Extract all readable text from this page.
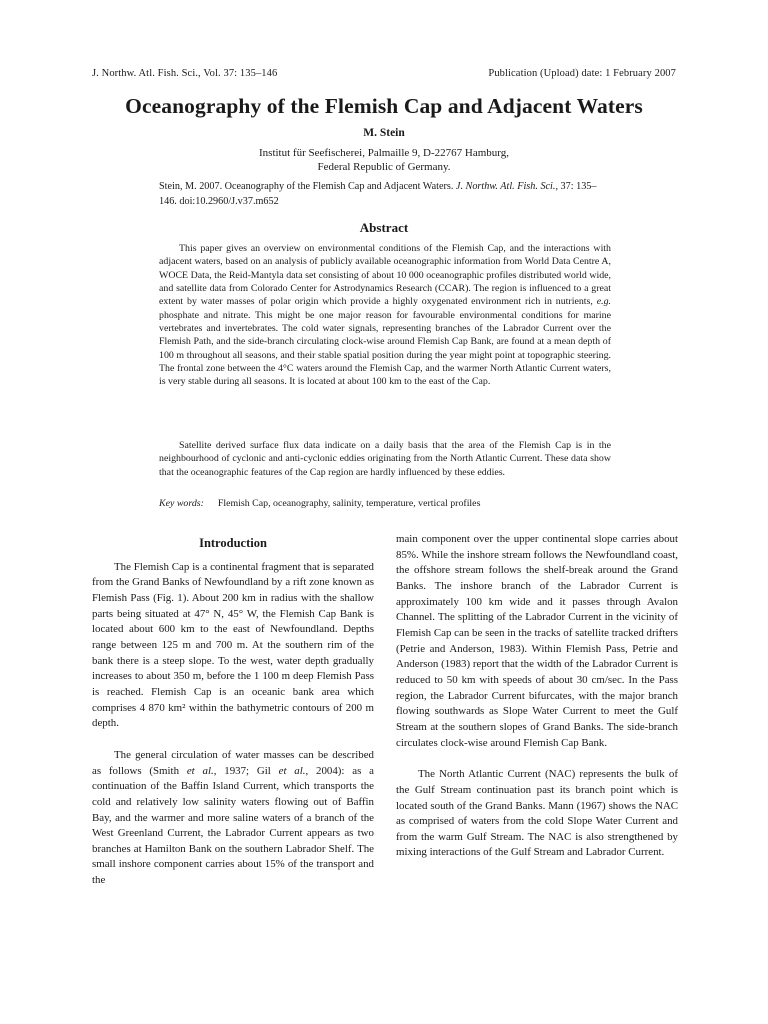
J. Northw. Atl. Fish. Sci., Vol. 37: 135–146	Publication (Upload) date: 1 February 2007
Oceanography of the Flemish Cap and Adjacent Waters
M. Stein
Institut für Seefischerei, Palmaille 9, D-22767 Hamburg,
Federal Republic of Germany.
Stein, M. 2007. Oceanography of the Flemish Cap and Adjacent Waters. J. Northw. Atl. Fish. Sci., 37: 135–146. doi:10.2960/J.v37.m652
Abstract
This paper gives an overview on environmental conditions of the Flemish Cap, and the interactions with adjacent waters, based on an analysis of publicly available oceanographic information from World Data Centre A, WOCE Data, the Reid-Mantyla data set consisting of about 10 000 oceanographic profiles distributed world wide, and satellite data from Colorado Center for Astrodynamics Research (CCAR). The region is influenced to a great extent by water masses of polar origin which provide a highly oxygenated environment rich in nutrients, e.g. phosphate and nitrate. This might be one major reason for favourable environmental conditions for marine vertebrates and invertebrates. The cold water signals, representing branches of the Labrador Current over the Flemish Path, and the side-branch circulating clock-wise around Flemish Cap Bank, are found at a mean depth of 100 m throughout all seasons, and their stable spatial position during the year might point at topographic steering. The frontal zone between the 4°C waters around the Flemish Cap, and the warmer North Atlantic Current waters, is very stable during all seasons. It is located at about 100 km to the east of the Cap.
Satellite derived surface flux data indicate on a daily basis that the area of the Flemish Cap is in the neighbourhood of cyclonic and anti-cyclonic eddies originating from the North Atlantic Current. These data show that the oceanographic features of the Cap region are hardly influenced by these eddies.
Key words: Flemish Cap, oceanography, salinity, temperature, vertical profiles
Introduction

The Flemish Cap is a continental fragment that is separated from the Grand Banks of Newfoundland by a rift zone known as Flemish Pass (Fig. 1). About 200 km in radius with the shallow parts being situated at 47° N, 45° W, the Flemish Cap Bank is located about 600 km to the east of Newfoundland. Depths range between 125 m and 700 m. At the southern rim of the bank there is a steep slope. To the west, water depth gradually increases to about 350 m, before the 1 100 m deep Flemish Pass is reached. Flemish Cap is an oceanic bank area which comprises 4 870 km² within the bathymetric contours of 200 m depth.

The general circulation of water masses can be described as follows (Smith et al., 1937; Gil et al., 2004): as a continuation of the Baffin Island Current, which transports the cold and relatively low salinity waters flowing out of Baffin Bay, and the warmer and more saline waters of a branch of the West Greenland Current, the Labrador Current appears as two branches at Hamilton Bank on the southern Labrador Shelf. The small inshore component carries about 15% of the transport and the

main component over the upper continental slope carries about 85%. While the inshore stream follows the Newfoundland coast, the offshore stream follows the shelf-break around the Grand Banks. The inshore branch of the Labrador Current is approximately 100 km wide and it passes through Avalon Channel. The splitting of the Labrador Current in the vicinity of Flemish Cap can be seen in the tracks of satellite tracked drifters (Petrie and Anderson, 1983). Within Flemish Pass, Petrie and Anderson (1983) report that the width of the Labrador Current is reduced to 50 km with speeds of about 30 cm/sec. In the Pass region, the Labrador Current bifurcates, with the major branch flowing southwards as Slope Water Current to meet the Gulf Stream at the southern slopes of Grand Banks. The side-branch circulates clock-wise around Flemish Cap Bank.

The North Atlantic Current (NAC) represents the bulk of the Gulf Stream continuation past its branch point which is located south of the Grand Banks. Mann (1967) shows the NAC as comprised of waters from the cold Slope Water Current and from the warm Gulf Stream. The NAC is also strengthened by mixing interactions of the Gulf Stream and Labrador Current.
